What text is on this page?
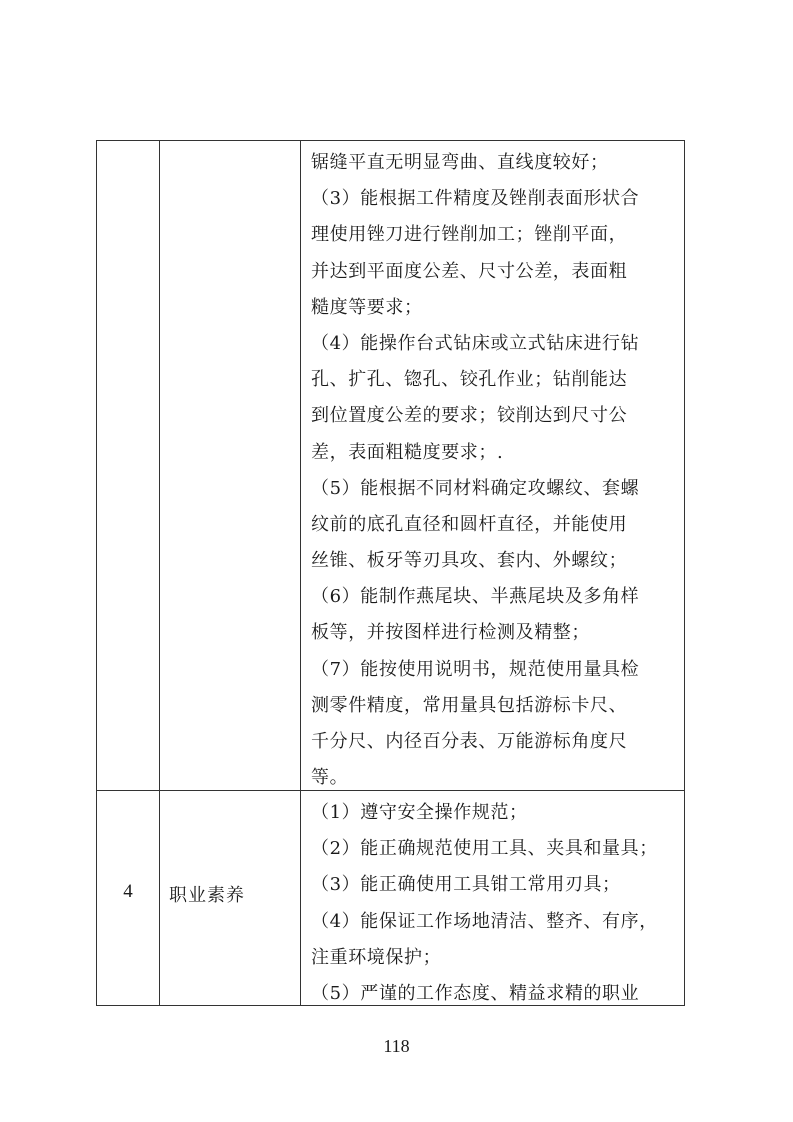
锯缝平直无明显弯曲、直线度较好；
（3）能根据工件精度及锉削表面形状合
理使用锉刀进行锉削加工；锉削平面，
并达到平面度公差、尺寸公差，表面粗
糙度等要求；
（4）能操作台式钻床或立式钻床进行钻
孔、扩孔、锪孔、铰孔作业；钻削能达
到位置度公差的要求；铰削达到尺寸公
差，表面粗糙度要求；.
（5）能根据不同材料确定攻螺纹、套螺
纹前的底孔直径和圆杆直径，并能使用
丝锥、板牙等刃具攻、套内、外螺纹；
（6）能制作燕尾块、半燕尾块及多角样
板等，并按图样进行检测及精整；
（7）能按使用说明书，规范使用量具检
测零件精度，常用量具包括游标卡尺、
千分尺、内径百分表、万能游标角度尺
等。
4	职业素养
（1）遵守安全操作规范；
（2）能正确规范使用工具、夹具和量具；
（3）能正确使用工具钳工常用刃具；
（4）能保证工作场地清洁、整齐、有序，
注重环境保护；
（5）严谨的工作态度、精益求精的职业
118
